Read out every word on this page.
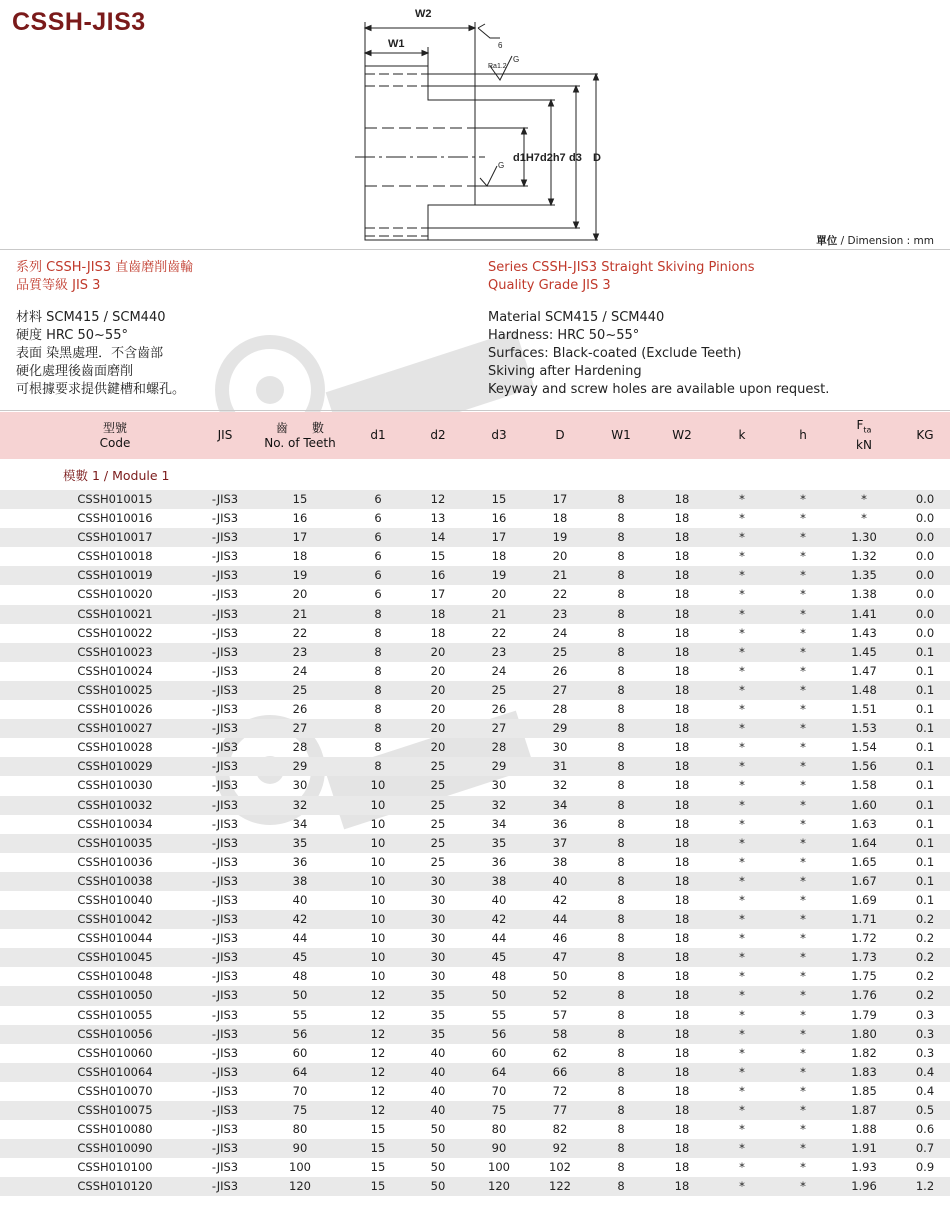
CSSH-JIS3	W2
W1
d1H7 d2h7 d3 D
G
Ra1.2
G
6
單位 / Dimension : mm
系列 CSSH-JIS3 直齒磨削齒輪
品質等級 JIS 3
材料 SCM415 / SCM440
硬度 HRC 50~55°
表面 染黑處理．不含齒部
硬化處理後齒面磨削
可根據要求提供鍵槽和螺孔。
Series CSSH-JIS3 Straight Skiving Pinions
Quality Grade JIS 3
Material SCM415 / SCM440
Hardness: HRC 50~55°
Surfaces: Black-coated (Exclude Teeth)
Skiving after Hardening
Keyway and screw holes are available upon request.
型號
Code
JIS
齒　　數
No. of Teeth
d1	d2	d3	D	W1	W2	k	h
$F_{ta}$
kN
KG
模數 1 / Module 1
CSSH010015	-JIS3	15	6	12	15	17	8	18	*	*	*	0.0
CSSH010016	-JIS3	16	6	13	16	18	8	18	*	*	*	0.0
CSSH010017	-JIS3	17	6	14	17	19	8	18	*	*	1.30	0.0
CSSH010018	-JIS3	18	6	15	18	20	8	18	*	*	1.32	0.0
CSSH010019	-JIS3	19	6	16	19	21	8	18	*	*	1.35	0.0
CSSH010020	-JIS3	20	6	17	20	22	8	18	*	*	1.38	0.0
CSSH010021	-JIS3	21	8	18	21	23	8	18	*	*	1.41	0.0
CSSH010022	-JIS3	22	8	18	22	24	8	18	*	*	1.43	0.0
CSSH010023	-JIS3	23	8	20	23	25	8	18	*	*	1.45	0.1
CSSH010024	-JIS3	24	8	20	24	26	8	18	*	*	1.47	0.1
CSSH010025	-JIS3	25	8	20	25	27	8	18	*	*	1.48	0.1
CSSH010026	-JIS3	26	8	20	26	28	8	18	*	*	1.51	0.1
CSSH010027	-JIS3	27	8	20	27	29	8	18	*	*	1.53	0.1
CSSH010028	-JIS3	28	8	20	28	30	8	18	*	*	1.54	0.1
CSSH010029	-JIS3	29	8	25	29	31	8	18	*	*	1.56	0.1
CSSH010030	-JIS3	30	10	25	30	32	8	18	*	*	1.58	0.1
CSSH010032	-JIS3	32	10	25	32	34	8	18	*	*	1.60	0.1
CSSH010034	-JIS3	34	10	25	34	36	8	18	*	*	1.63	0.1
CSSH010035	-JIS3	35	10	25	35	37	8	18	*	*	1.64	0.1
CSSH010036	-JIS3	36	10	25	36	38	8	18	*	*	1.65	0.1
CSSH010038	-JIS3	38	10	30	38	40	8	18	*	*	1.67	0.1
CSSH010040	-JIS3	40	10	30	40	42	8	18	*	*	1.69	0.1
CSSH010042	-JIS3	42	10	30	42	44	8	18	*	*	1.71	0.2
CSSH010044	-JIS3	44	10	30	44	46	8	18	*	*	1.72	0.2
CSSH010045	-JIS3	45	10	30	45	47	8	18	*	*	1.73	0.2
CSSH010048	-JIS3	48	10	30	48	50	8	18	*	*	1.75	0.2
CSSH010050	-JIS3	50	12	35	50	52	8	18	*	*	1.76	0.2
CSSH010055	-JIS3	55	12	35	55	57	8	18	*	*	1.79	0.3
CSSH010056	-JIS3	56	12	35	56	58	8	18	*	*	1.80	0.3
CSSH010060	-JIS3	60	12	40	60	62	8	18	*	*	1.82	0.3
CSSH010064	-JIS3	64	12	40	64	66	8	18	*	*	1.83	0.4
CSSH010070	-JIS3	70	12	40	70	72	8	18	*	*	1.85	0.4
CSSH010075	-JIS3	75	12	40	75	77	8	18	*	*	1.87	0.5
CSSH010080	-JIS3	80	15	50	80	82	8	18	*	*	1.88	0.6
CSSH010090	-JIS3	90	15	50	90	92	8	18	*	*	1.91	0.7
CSSH010100	-JIS3	100	15	50	100	102	8	18	*	*	1.93	0.9
CSSH010120	-JIS3	120	15	50	120	122	8	18	*	*	1.96	1.2
